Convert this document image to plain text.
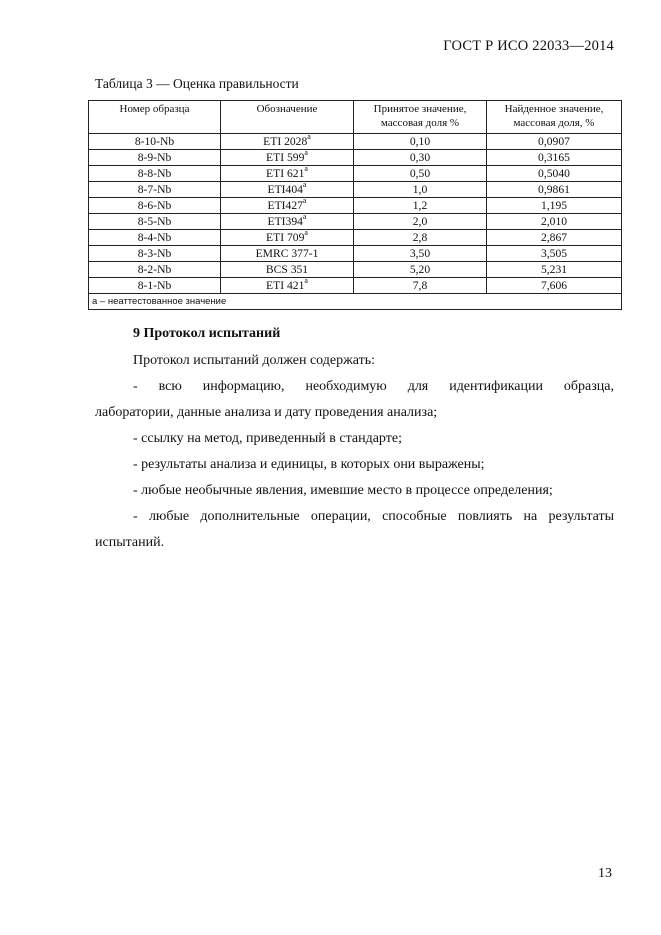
ГОСТ Р ИСО 22033—2014
Таблица 3 — Оценка правильности
Номер образца	Обозначение	Принятое значение, массовая доля %	Найденное значение, массовая доля, %
8-10-Nb	ETI 2028$^a$	0,10	0,0907
8-9-Nb	ETI 599$^a$	0,30	0,3165
8-8-Nb	ETI 621$^a$	0,50	0,5040
8-7-Nb	ETI404$^a$	1,0	0,9861
8-6-Nb	ETI427$^a$	1,2	1,195
8-5-Nb	ETI394$^a$	2,0	2,010
8-4-Nb	ETI 709$^a$	2,8	2,867
8-3-Nb	EMRC 377-1	3,50	3,505
8-2-Nb	BCS 351	5,20	5,231
8-1-Nb	ETI 421$^a$	7,8	7,606
а – неаттестованное значение			
9 Протокол испытаний

Протокол испытаний должен содержать:

- всю информацию, необходимую для идентификации образца,

лаборатории, данные анализа и дату проведения анализа;

- ссылку на метод, приведенный в стандарте;

- результаты анализа и единицы, в которых они выражены;

- любые необычные явления, имевшие место в процессе определения;

- любые дополнительные операции, способные повлиять на результаты

испытаний.

13
